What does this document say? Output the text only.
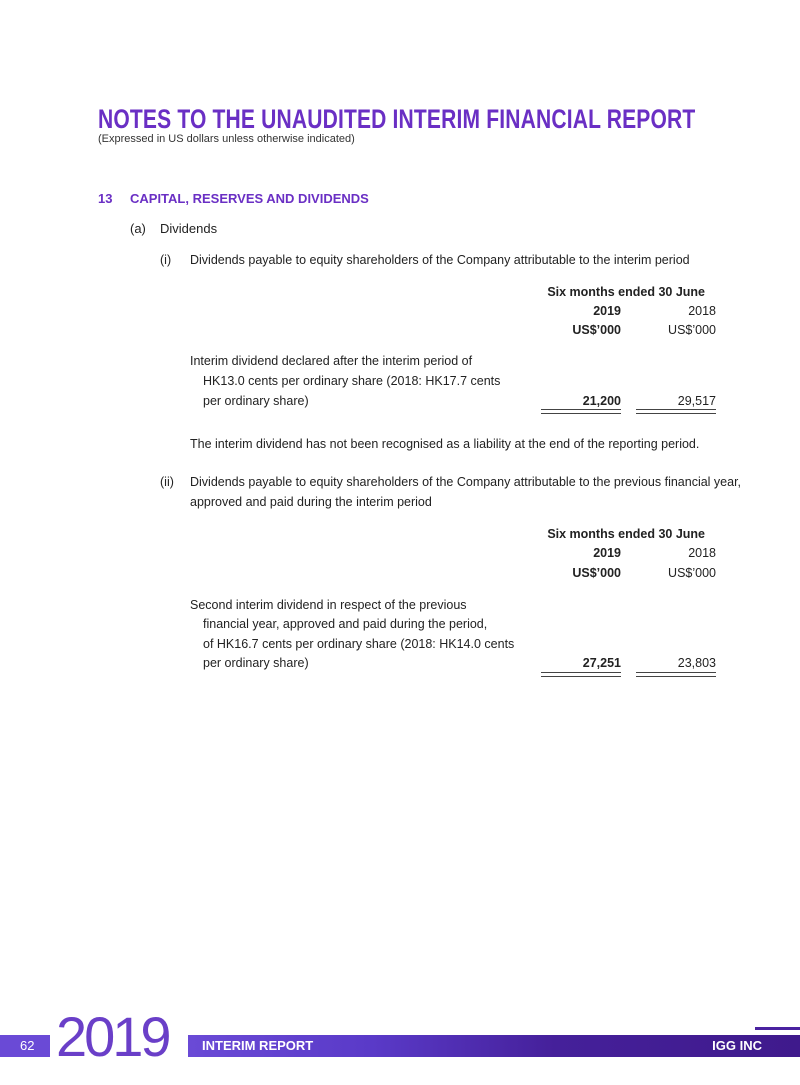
NOTES TO THE UNAUDITED INTERIM FINANCIAL REPORT
(Expressed in US dollars unless otherwise indicated)
13 CAPITAL, RESERVES AND DIVIDENDS
(a) Dividends
(i) Dividends payable to equity shareholders of the Company attributable to the interim period
Six months ended 30 June
2019	2018
US$’000	US$’000
Interim dividend declared after the interim period of
HK13.0 cents per ordinary share (2018: HK17.7 cents
per ordinary share)	21,200	29,517
The interim dividend has not been recognised as a liability at the end of the reporting period.
(ii) Dividends payable to equity shareholders of the Company attributable to the previous financial year,
approved and paid during the interim period
Six months ended 30 June
2019	2018
US$’000	US$’000
Second interim dividend in respect of the previous
financial year, approved and paid during the period,
of HK16.7 cents per ordinary share (2018: HK14.0 cents
per ordinary share)	27,251	23,803
62 2019	INTERIM REPORT	IGG INC
